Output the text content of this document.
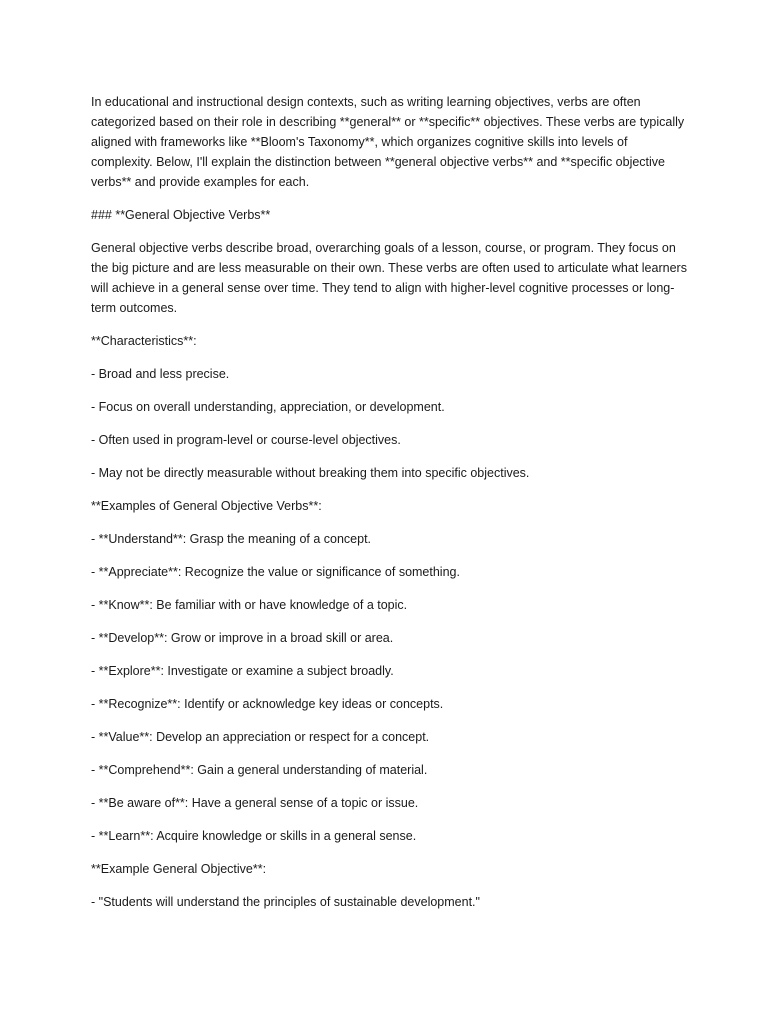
In educational and instructional design contexts, such as writing learning objectives, verbs are often categorized based on their role in describing **general** or **specific** objectives. These verbs are typically aligned with frameworks like **Bloom's Taxonomy**, which organizes cognitive skills into levels of complexity. Below, I'll explain the distinction between **general objective verbs** and **specific objective verbs** and provide examples for each.

### **General Objective Verbs**

General objective verbs describe broad, overarching goals of a lesson, course, or program. They focus on the big picture and are less measurable on their own. These verbs are often used to articulate what learners will achieve in a general sense over time. They tend to align with higher-level cognitive processes or long-term outcomes.

**Characteristics**:

- Broad and less precise.

- Focus on overall understanding, appreciation, or development.

- Often used in program-level or course-level objectives.

- May not be directly measurable without breaking them into specific objectives.

**Examples of General Objective Verbs**:

- **Understand**: Grasp the meaning of a concept.

- **Appreciate**: Recognize the value or significance of something.

- **Know**: Be familiar with or have knowledge of a topic.

- **Develop**: Grow or improve in a broad skill or area.

- **Explore**: Investigate or examine a subject broadly.

- **Recognize**: Identify or acknowledge key ideas or concepts.

- **Value**: Develop an appreciation or respect for a concept.

- **Comprehend**: Gain a general understanding of material.

- **Be aware of**: Have a general sense of a topic or issue.

- **Learn**: Acquire knowledge or skills in a general sense.

**Example General Objective**:

- "Students will understand the principles of sustainable development."
